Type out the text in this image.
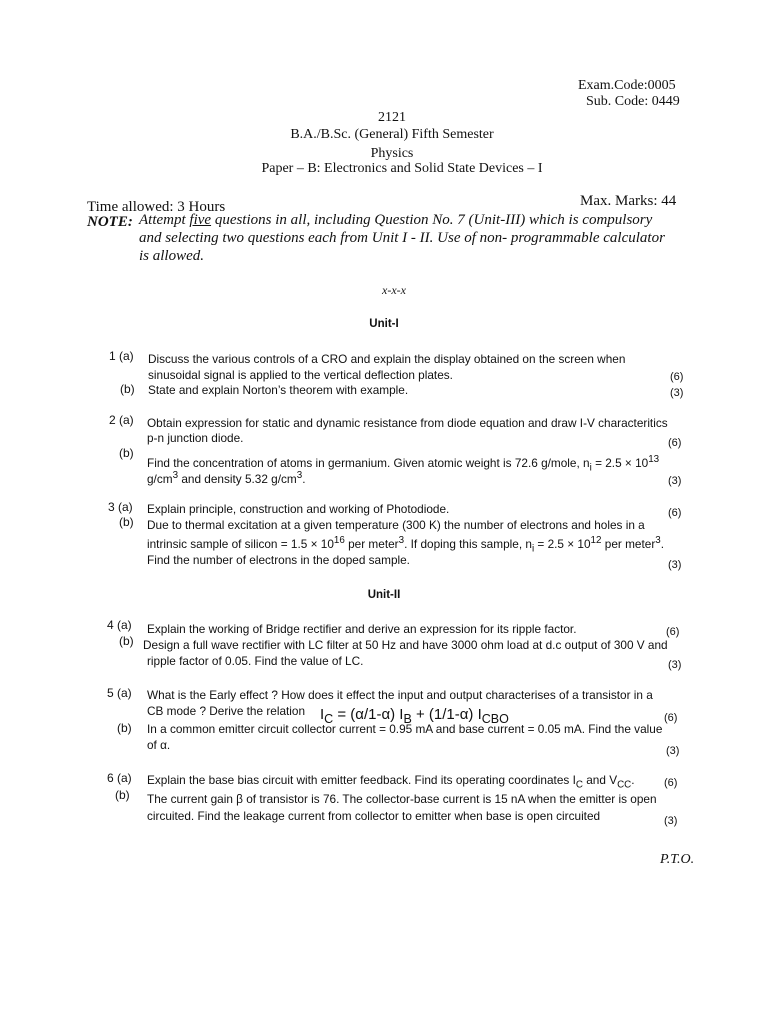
Exam.Code:0005
Sub. Code: 0449
2121
B.A./B.Sc. (General) Fifth Semester
Physics
Paper – B: Electronics and Solid State Devices – I
Time allowed: 3 Hours	Max. Marks: 44
NOTE: Attempt five questions in all, including Question No. 7 (Unit-III) which is compulsory
and selecting two questions each from Unit I - II. Use of non- programmable calculator
is allowed.
x-x-x
Unit-I
1 (a) Discuss the various controls of a CRO and explain the display obtained on the screen when
sinusoidal signal is applied to the vertical deflection plates.	(6)
(b) State and explain Norton’s theorem with example.	(3)
2 (a) Obtain expression for static and dynamic resistance from diode equation and draw I-V characteritics
p-n junction diode.	(6)
(b)
Find the concentration of atoms in germanium. Given atomic weight is 72.6 g/mole, $n_i = 2.5 \times 10^{13}$
$g/cm^3$ and density 5.32 $g/cm^3$.	(3)
3 (a) Explain principle, construction and working of Photodiode.	(6)
(b) Due to thermal excitation at a given temperature (300 K) the number of electrons and holes in a
intrinsic sample of silicon = $1.5 \times 10^{16}$ per meter$^3$. If doping this sample, $n_i = 2.5 \times 10^{12}$ per meter$^3$.
Find the number of electrons in the doped sample.	(3)
Unit-II
4 (a) Explain the working of Bridge rectifier and derive an expression for its ripple factor.	(6)
(b) Design a full wave rectifier with LC filter at 50 Hz and have 3000 ohm load at d.c output of 300 V and
ripple factor of 0.05. Find the value of LC.	(3)
5 (a) What is the Early effect ? How does it effect the input and output characterises of a transistor in a
CB mode ? Derive the relation $I_C = (\alpha/1-\alpha) I_B + (1/1-\alpha)$ $I_{CBO}$	(6)
(b) In a common emitter circuit collector current = 0.95 mA and base current = 0.05 mA. Find the value
of α.	(3)
6 (a) Explain the base bias circuit with emitter feedback. Find its operating coordinates $I_C$ and $V_{CC}$.	(6)
(b) The current gain β of transistor is 76. The collector-base current is 15 nA when the emitter is open
circuited. Find the leakage current from collector to emitter when base is open circuited	(3)
P.T.O.
